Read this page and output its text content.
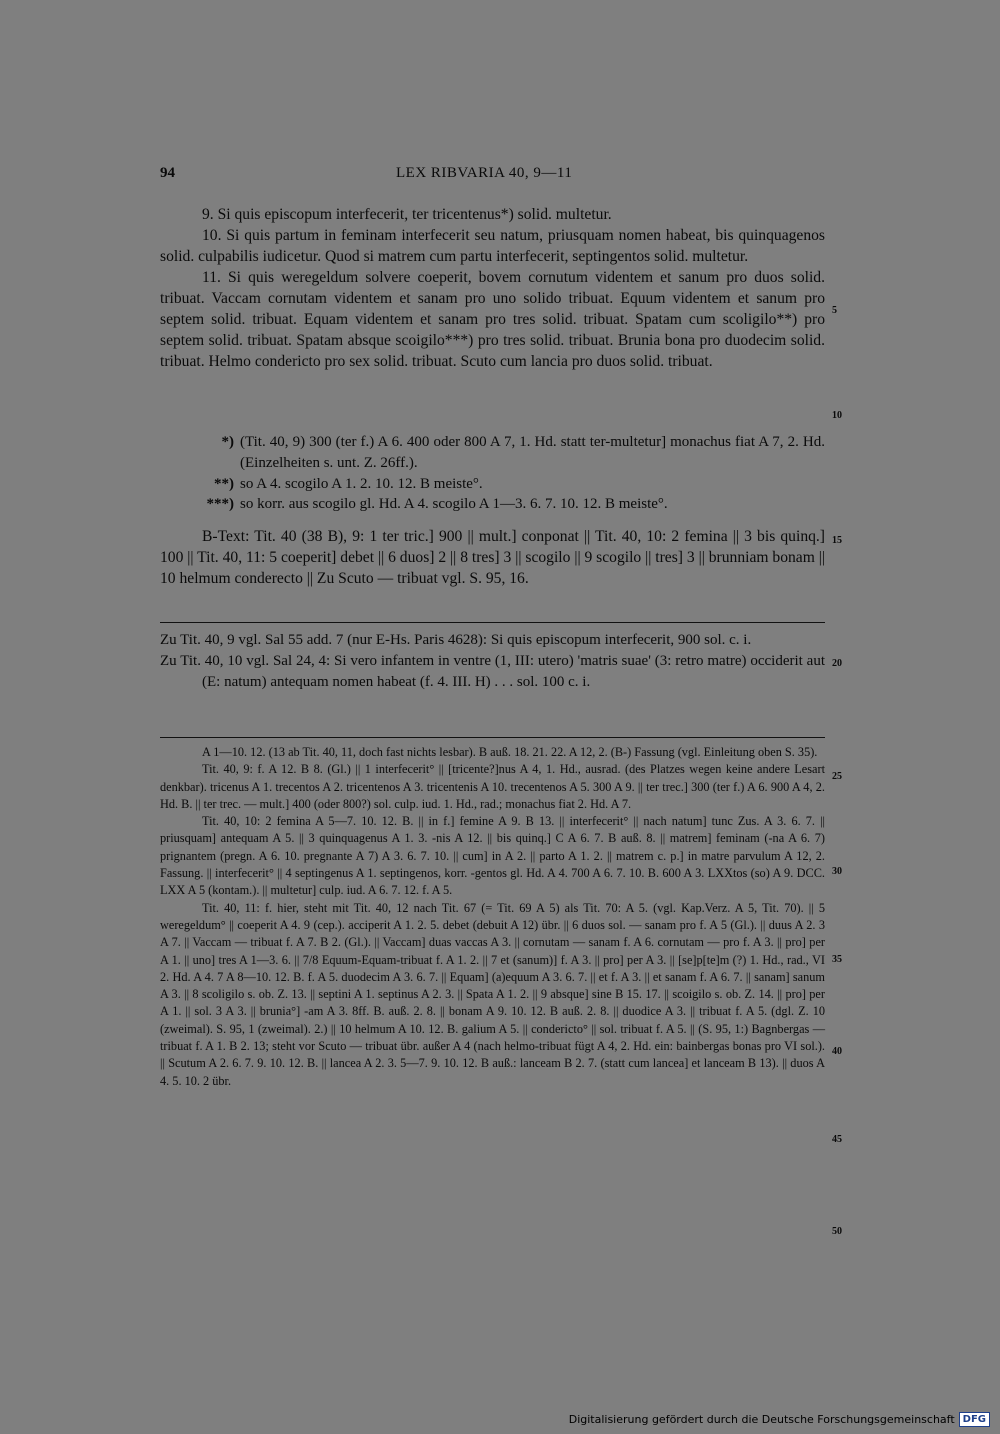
94	LEX RIBVARIA 40, 9—11

9. Si quis episcopum interfecerit, ter tricentenus*) solid. multetur.

10. Si quis partum in feminam interfecerit seu natum, priusquam nomen habeat, bis quinquagenos solid. culpabilis iudicetur. Quod si matrem cum partu interfecerit, septingentos solid. multetur.

11. Si quis weregeldum solvere coeperit, bovem cornutum videntem et sanum pro duos solid. tribuat. Vaccam cornutam videntem et sanam pro uno solido tribuat. Equum videntem et sanum pro septem solid. tribuat. Equam videntem et sanam pro tres solid. tribuat. Spatam cum scoligilo**) pro septem solid. tribuat. Spatam absque scoigilo***) pro tres solid. tribuat. Brunia bona pro duodecim solid. tribuat. Helmo condericto pro sex solid. tribuat. Scuto cum lancia pro duos solid. tribuat.

*) (Tit. 40, 9) 300 (ter f.) A 6. 400 oder 800 A 7, 1. Hd. statt ter-multetur] monachus fiat A 7, 2. Hd. (Einzelheiten s. unt. Z. 26ff.).
**) so A 4. scogilo A 1. 2. 10. 12. B meiste°.
***) so korr. aus scogilo gl. Hd. A 4. scogilo A 1—3. 6. 7. 10. 12. B meiste°.

B-Text: Tit. 40 (38 B), 9: 1 ter tric.] 900 || mult.] conponat || Tit. 40, 10: 2 femina || 3 bis quinq.] 100 || Tit. 40, 11: 5 coeperit] debet || 6 duos] 2 || 8 tres] 3 || scogilo || 9 scogilo || tres] 3 || brunniam bonam || 10 helmum conderecto || Zu Scuto — tribuat vgl. S. 95, 16.

Zu Tit. 40, 9 vgl. Sal 55 add. 7 (nur E-Hs. Paris 4628): Si quis episcopum interfecerit, 900 sol. c. i.

Zu Tit. 40, 10 vgl. Sal 24, 4: Si vero infantem in ventre (1, III: utero) 'matris suae' (3: retro matre) occiderit aut (E: natum) antequam nomen habeat (f. 4. III. H) . . . sol. 100 c. i.

A 1—10. 12. (13 ab Tit. 40, 11, doch fast nichts lesbar). B auß. 18. 21. 22. A 12, 2. (B-) Fassung (vgl. Einleitung oben S. 35).

Tit. 40, 9: f. A 12. B 8. (Gl.) || 1 interfecerit° || [tricente?]nus A 4, 1. Hd., ausrad. (des Platzes wegen keine andere Lesart denkbar). tricenus A 1. trecentos A 2. tricentenos A 3. tricentenis A 10. trecentenos A 5. 300 A 9. || ter trec.] 300 (ter f.) A 6. 900 A 4, 2. Hd. B. || ter trec. — mult.] 400 (oder 800?) sol. culp. iud. 1. Hd., rad.; monachus fiat 2. Hd. A 7.

Tit. 40, 10: 2 femina A 5—7. 10. 12. B. || in f.] femine A 9. B 13. || interfecerit° || nach natum] tunc Zus. A 3. 6. 7. || priusquam] antequam A 5. || 3 quinquagenus A 1. 3. -nis A 12. || bis quinq.] C A 6. 7. B auß. 8. || matrem] feminam (-na A 6. 7) prignantem (pregn. A 6. 10. pregnante A 7) A 3. 6. 7. 10. || cum] in A 2. || parto A 1. 2. || matrem c. p.] in matre parvulum A 12, 2. Fassung. || interfecerit° || 4 septingenus A 1. septingenos, korr. -gentos gl. Hd. A 4. 700 A 6. 7. 10. B. 600 A 3. LXXtos (so) A 9. DCC. LXX A 5 (kontam.). || multetur] culp. iud. A 6. 7. 12. f. A 5.

Tit. 40, 11: f. hier, steht mit Tit. 40, 12 nach Tit. 67 (= Tit. 69 A 5) als Tit. 70: A 5. (vgl. Kap.Verz. A 5, Tit. 70). || 5 weregeldum° || coeperit A 4. 9 (cep.). acciperit A 1. 2. 5. debet (debuit A 12) übr. || 6 duos sol. — sanam pro f. A 5 (Gl.). || duus A 2. 3 A 7. || Vaccam — tribuat f. A 7. B 2. (Gl.). || Vaccam] duas vaccas A 3. || cornutam — sanam f. A 6. cornutam — pro f. A 3. || pro] per A 1. || uno] tres A 1—3. 6. || 7/8 Equum-Equam-tribuat f. A 1. 2. || 7 et (sanum)] f. A 3. || pro] per A 3. || [se]p[te]m (?) 1. Hd., rad., VI 2. Hd. A 4. 7 A 8—10. 12. B. f. A 5. duodecim A 3. 6. 7. || Equam] (a)equum A 3. 6. 7. || et f. A 3. || et sanam f. A 6. 7. || sanam] sanum A 3. || 8 scoligilo s. ob. Z. 13. || septini A 1. septinus A 2. 3. || Spata A 1. 2. || 9 absque] sine B 15. 17. || scoigilo s. ob. Z. 14. || pro] per A 1. || sol. 3 A 3. || brunia°] -am A 3. 8ff. B. auß. 2. 8. || bonam A 9. 10. 12. B auß. 2. 8. || duodice A 3. || tribuat f. A 5. (dgl. Z. 10 (zweimal). S. 95, 1 (zweimal). 2.) || 10 helmum A 10. 12. B. galium A 5. || condericto° || sol. tribuat f. A 5. || (S. 95, 1:) Bagnbergas — tribuat f. A 1. B 2. 13; steht vor Scuto — tribuat übr. außer A 4 (nach helmo-tribuat fügt A 4, 2. Hd. ein: bainbergas bonas pro VI sol.). || Scutum A 2. 6. 7. 9. 10. 12. B. || lancea A 2. 3. 5—7. 9. 10. 12. B auß.: lanceam B 2. 7. (statt cum lancea] et lanceam B 13). || duos A 4. 5. 10. 2 übr.

5
10
15
20
25
30
35
40
45
50
Digitalisierung gefördert durch die Deutsche Forschungsgemeinschaft DFG
